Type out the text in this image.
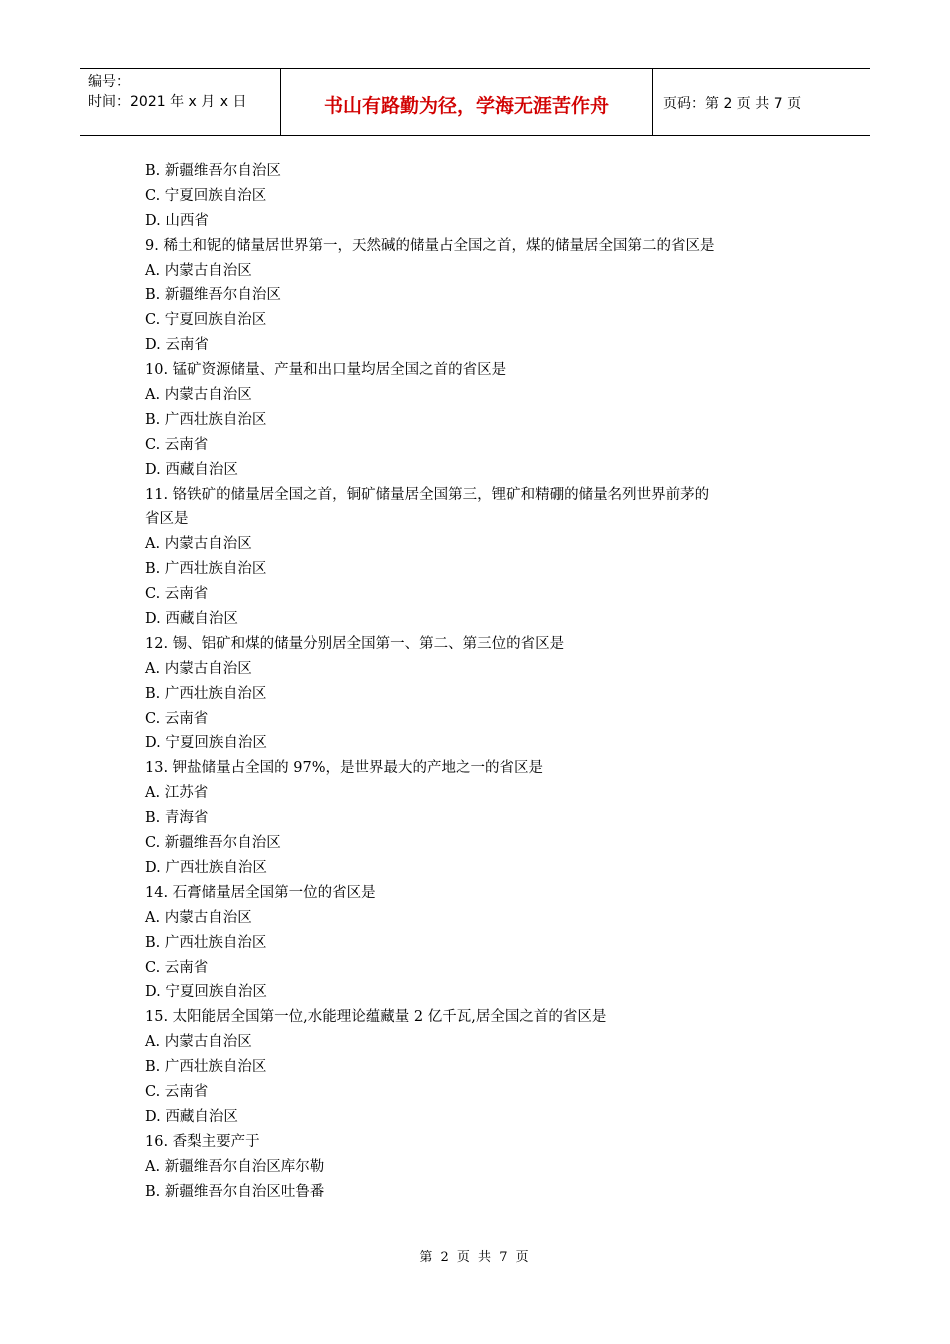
编号：
时间：2021 年 x 月 x 日	书山有路勤为径，学海无涯苦作舟	页码：第 2 页 共 7 页
B. 新疆维吾尔自治区
C. 宁夏回族自治区
D. 山西省
9. 稀土和铌的储量居世界第一，天然碱的储量占全国之首，煤的储量居全国第二的省区是
A. 内蒙古自治区
B. 新疆维吾尔自治区
C. 宁夏回族自治区
D. 云南省
10. 锰矿资源储量、产量和出口量均居全国之首的省区是
A. 内蒙古自治区
B. 广西壮族自治区
C. 云南省
D. 西藏自治区
11. 铬铁矿的储量居全国之首，铜矿储量居全国第三，锂矿和精硼的储量名列世界前茅的
省区是
A. 内蒙古自治区
B. 广西壮族自治区
C. 云南省
D. 西藏自治区
12. 锡、铝矿和煤的储量分别居全国第一、第二、第三位的省区是
A. 内蒙古自治区
B. 广西壮族自治区
C. 云南省
D. 宁夏回族自治区
13. 钾盐储量占全国的 97%，是世界最大的产地之一的省区是
A. 江苏省
B. 青海省
C. 新疆维吾尔自治区
D. 广西壮族自治区
14. 石膏储量居全国第一位的省区是
A. 内蒙古自治区
B. 广西壮族自治区
C. 云南省
D. 宁夏回族自治区
15. 太阳能居全国第一位,水能理论蕴藏量 2 亿千瓦,居全国之首的省区是
A. 内蒙古自治区
B. 广西壮族自治区
C. 云南省
D. 西藏自治区
16. 香梨主要产于
A. 新疆维吾尔自治区库尔勒
B. 新疆维吾尔自治区吐鲁番
第 2 页 共 7 页
